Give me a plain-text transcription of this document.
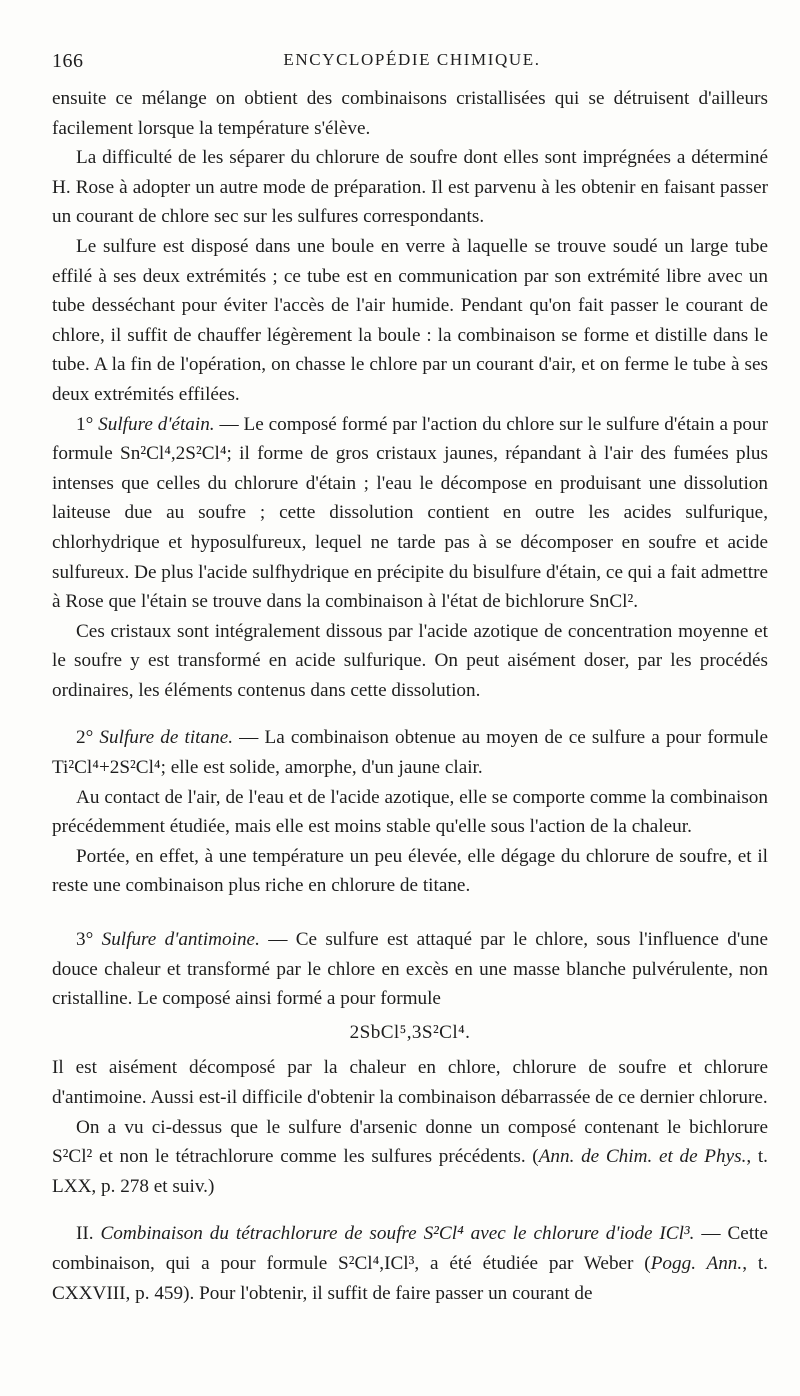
166	ENCYCLOPÉDIE CHIMIQUE.

ensuite ce mélange on obtient des combinaisons cristallisées qui se détruisent d'ailleurs facilement lorsque la température s'élève.

La difficulté de les séparer du chlorure de soufre dont elles sont imprégnées a déterminé H. Rose à adopter un autre mode de préparation. Il est parvenu à les obtenir en faisant passer un courant de chlore sec sur les sulfures correspondants.

Le sulfure est disposé dans une boule en verre à laquelle se trouve soudé un large tube effilé à ses deux extrémités ; ce tube est en communication par son extrémité libre avec un tube desséchant pour éviter l'accès de l'air humide. Pendant qu'on fait passer le courant de chlore, il suffit de chauffer légèrement la boule : la combinaison se forme et distille dans le tube. A la fin de l'opération, on chasse le chlore par un courant d'air, et on ferme le tube à ses deux extrémités effilées.

1° Sulfure d'étain. — Le composé formé par l'action du chlore sur le sulfure d'étain a pour formule Sn²Cl⁴,2S²Cl⁴; il forme de gros cristaux jaunes, répandant à l'air des fumées plus intenses que celles du chlorure d'étain ; l'eau le décompose en produisant une dissolution laiteuse due au soufre ; cette dissolution contient en outre les acides sulfurique, chlorhydrique et hyposulfureux, lequel ne tarde pas à se décomposer en soufre et acide sulfureux. De plus l'acide sulfhydrique en précipite du bisulfure d'étain, ce qui a fait admettre à Rose que l'étain se trouve dans la combinaison à l'état de bichlorure SnCl².

Ces cristaux sont intégralement dissous par l'acide azotique de concentration moyenne et le soufre y est transformé en acide sulfurique. On peut aisément doser, par les procédés ordinaires, les éléments contenus dans cette dissolution.

2° Sulfure de titane. — La combinaison obtenue au moyen de ce sulfure a pour formule Ti²Cl⁴+2S²Cl⁴; elle est solide, amorphe, d'un jaune clair.

Au contact de l'air, de l'eau et de l'acide azotique, elle se comporte comme la combinaison précédemment étudiée, mais elle est moins stable qu'elle sous l'action de la chaleur.

Portée, en effet, à une température un peu élevée, elle dégage du chlorure de soufre, et il reste une combinaison plus riche en chlorure de titane.

3° Sulfure d'antimoine. — Ce sulfure est attaqué par le chlore, sous l'influence d'une douce chaleur et transformé par le chlore en excès en une masse blanche pulvérulente, non cristalline. Le composé ainsi formé a pour formule

2SbCl⁵,3S²Cl⁴.

Il est aisément décomposé par la chaleur en chlore, chlorure de soufre et chlorure d'antimoine. Aussi est-il difficile d'obtenir la combinaison débarrassée de ce dernier chlorure.

On a vu ci-dessus que le sulfure d'arsenic donne un composé contenant le bichlorure S²Cl² et non le tétrachlorure comme les sulfures précédents. (Ann. de Chim. et de Phys., t. LXX, p. 278 et suiv.)

II. Combinaison du tétrachlorure de soufre S²Cl⁴ avec le chlorure d'iode ICl³. — Cette combinaison, qui a pour formule S²Cl⁴,ICl³, a été étudiée par Weber (Pogg. Ann., t. CXXVIII, p. 459). Pour l'obtenir, il suffit de faire passer un courant de
